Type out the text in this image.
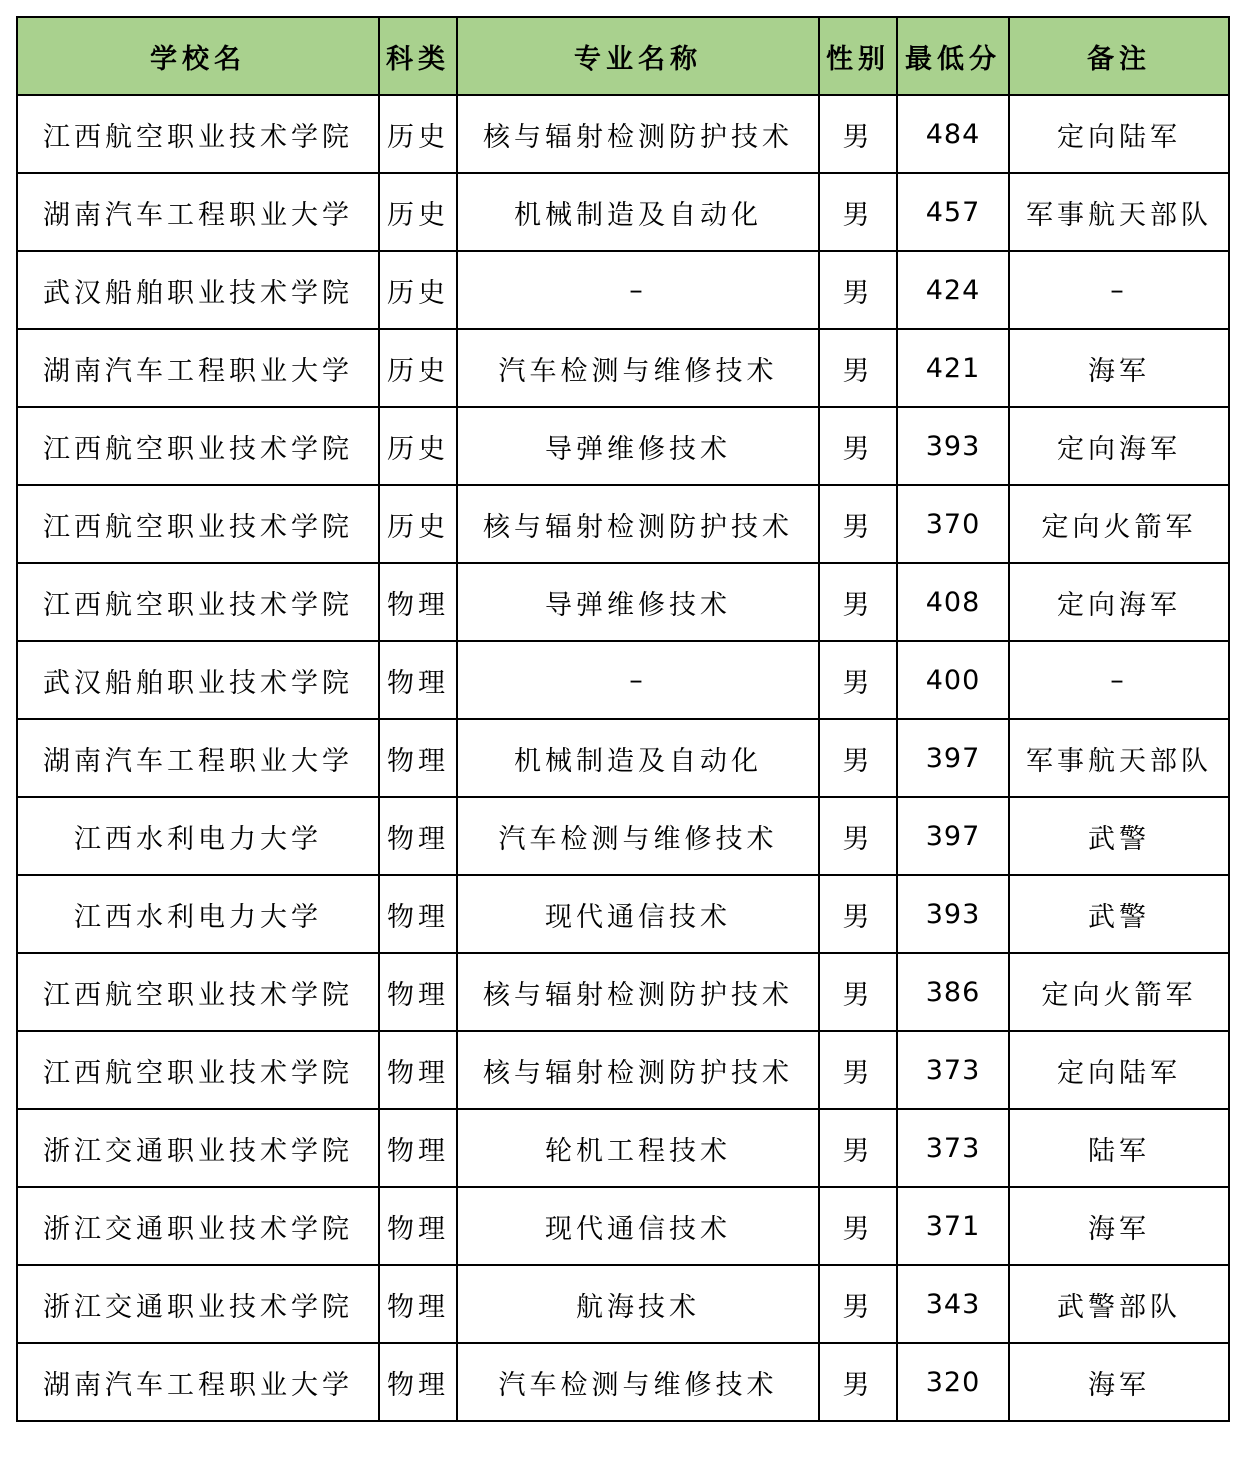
学校名	科类	专业名称	性别	最低分	备注
江西航空职业技术学院	历史	核与辐射检测防护技术	男	484	定向陆军
湖南汽车工程职业大学	历史	机械制造及自动化	男	457	军事航天部队
武汉船舶职业技术学院	历史	–	男	424	–
湖南汽车工程职业大学	历史	汽车检测与维修技术	男	421	海军
江西航空职业技术学院	历史	导弹维修技术	男	393	定向海军
江西航空职业技术学院	历史	核与辐射检测防护技术	男	370	定向火箭军
江西航空职业技术学院	物理	导弹维修技术	男	408	定向海军
武汉船舶职业技术学院	物理	–	男	400	–
湖南汽车工程职业大学	物理	机械制造及自动化	男	397	军事航天部队
江西水利电力大学	物理	汽车检测与维修技术	男	397	武警
江西水利电力大学	物理	现代通信技术	男	393	武警
江西航空职业技术学院	物理	核与辐射检测防护技术	男	386	定向火箭军
江西航空职业技术学院	物理	核与辐射检测防护技术	男	373	定向陆军
浙江交通职业技术学院	物理	轮机工程技术	男	373	陆军
浙江交通职业技术学院	物理	现代通信技术	男	371	海军
浙江交通职业技术学院	物理	航海技术	男	343	武警部队
湖南汽车工程职业大学	物理	汽车检测与维修技术	男	320	海军
